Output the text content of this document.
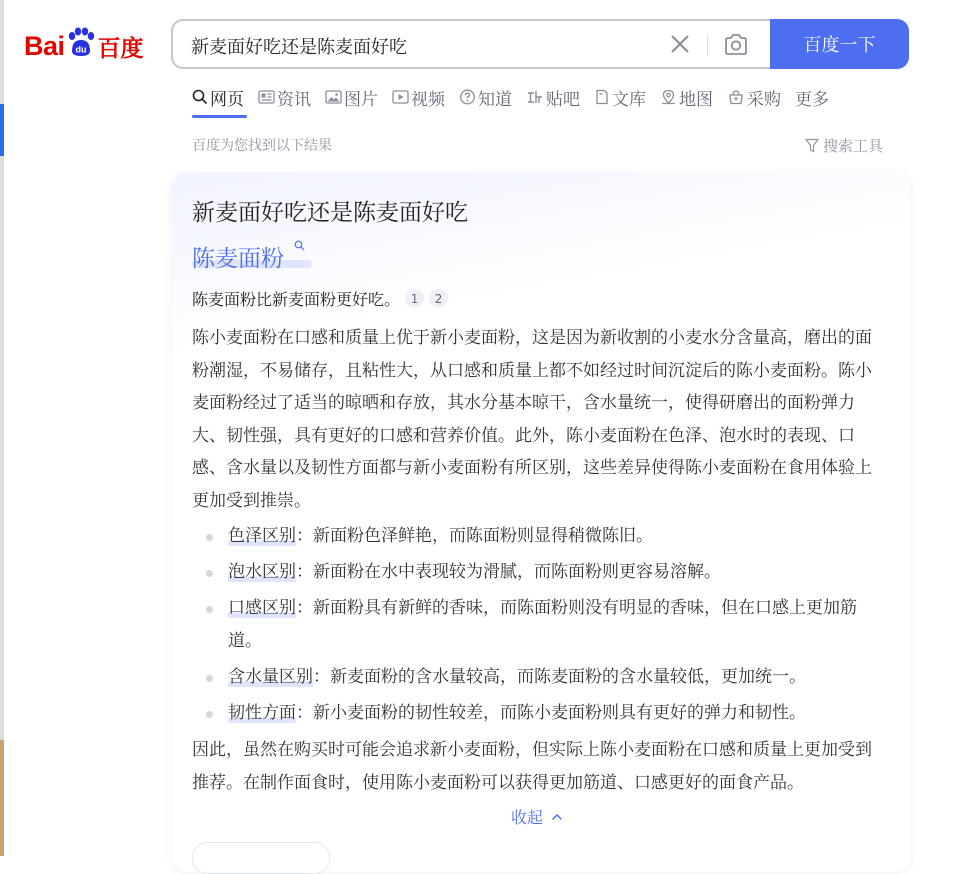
Bai du 百度	新麦面好吃还是陈麦面好吃	百度一下
网页 资讯 图片 视频 知道 贴吧 文库 地图 采购 更多
百度为您找到以下结果	搜索工具
新麦面好吃还是陈麦面好吃
陈麦面粉
陈麦面粉比新麦面粉更好吃。 1	2
陈小麦面粉在口感和质量上优于新小麦面粉，这是因为新收割的小麦水分含量高，磨出的面
粉潮湿，不易储存，且粘性大，从口感和质量上都不如经过时间沉淀后的陈小麦面粉。陈小
麦面粉经过了适当的晾晒和存放，其水分基本晾干，含水量统一，使得研磨出的面粉弹力
大、韧性强，具有更好的口感和营养价值。此外，陈小麦面粉在色泽、泡水时的表现、口
感、含水量以及韧性方面都与新小麦面粉有所区别，这些差异使得陈小麦面粉在食用体验上
更加受到推崇。
色泽区别：新面粉色泽鲜艳，而陈面粉则显得稍微陈旧。
泡水区别：新面粉在水中表现较为滑腻，而陈面粉则更容易溶解。
口感区别：新面粉具有新鲜的香味，而陈面粉则没有明显的香味，但在口感上更加筋
道。
含水量区别：新麦面粉的含水量较高，而陈麦面粉的含水量较低，更加统一。
韧性方面：新小麦面粉的韧性较差，而陈小麦面粉则具有更好的弹力和韧性。
因此，虽然在购买时可能会追求新小麦面粉，但实际上陈小麦面粉在口感和质量上更加受到
推荐。在制作面食时，使用陈小麦面粉可以获得更加筋道、口感更好的面食产品。
收起
